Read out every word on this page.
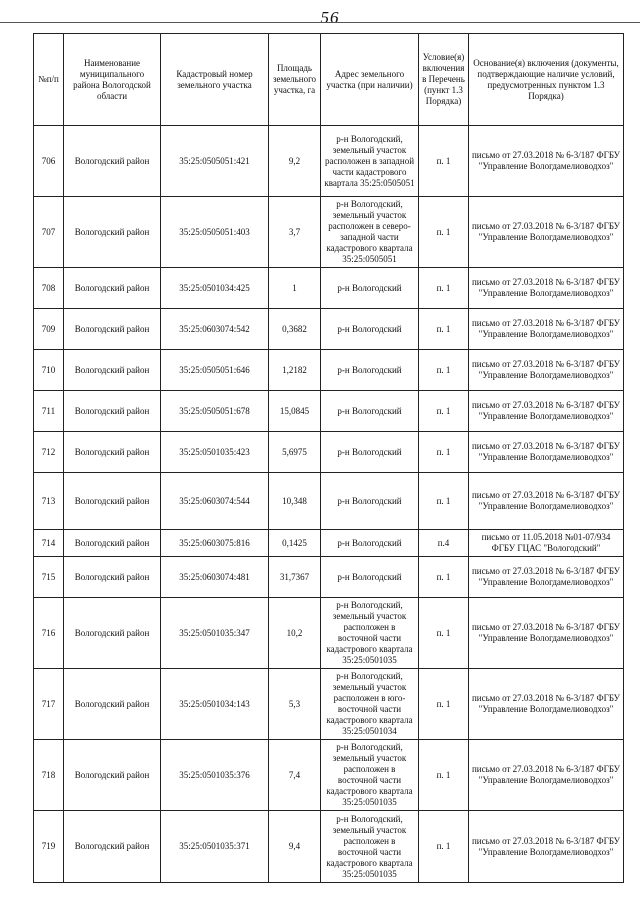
56
№п/п	Наименование муниципального района Вологодской области	Кадастровый номер земельного участка	Площадь земельного участка, га	Адрес земельного участка (при наличии)	Условие(я) включения в Перечень (пункт 1.3 Порядка)	Основание(я) включения (документы, подтверждающие наличие условий, предусмотренных пунктом 1.3 Порядка)
706	Вологодский район	35:25:0505051:421	9,2	р-н Вологодский, земельный участок расположен в западной части кадастрового квартала 35:25:0505051	п. 1	письмо от 27.03.2018 № 6-3/187 ФГБУ "Управление Вологдамелиоводхоз"
707	Вологодский район	35:25:0505051:403	3,7	р-н Вологодский, земельный участок расположен в северо-западной части кадастрового квартала 35:25:0505051	п. 1	письмо от 27.03.2018 № 6-3/187 ФГБУ "Управление Вологдамелиоводхоз"
708	Вологодский район	35:25:0501034:425	1	р-н Вологодский	п. 1	письмо от 27.03.2018 № 6-3/187 ФГБУ "Управление Вологдамелиоводхоз"
709	Вологодский район	35:25:0603074:542	0,3682	р-н Вологодский	п. 1	письмо от 27.03.2018 № 6-3/187 ФГБУ "Управление Вологдамелиоводхоз"
710	Вологодский район	35:25:0505051:646	1,2182	р-н Вологодский	п. 1	письмо от 27.03.2018 № 6-3/187 ФГБУ "Управление Вологдамелиоводхоз"
711	Вологодский район	35:25:0505051:678	15,0845	р-н Вологодский	п. 1	письмо от 27.03.2018 № 6-3/187 ФГБУ "Управление Вологдамелиоводхоз"
712	Вологодский район	35:25:0501035:423	5,6975	р-н Вологодский	п. 1	письмо от 27.03.2018 № 6-3/187 ФГБУ "Управление Вологдамелиоводхоз"
713	Вологодский район	35:25:0603074:544	10,348	р-н Вологодский	п. 1	письмо от 27.03.2018 № 6-3/187 ФГБУ "Управление Вологдамелиоводхоз"
714	Вологодский район	35:25:0603075:816	0,1425	р-н Вологодский	п.4	письмо от 11.05.2018 №01-07/934 ФГБУ ГЦАС "Вологодский"
715	Вологодский район	35:25:0603074:481	31,7367	р-н Вологодский	п. 1	письмо от 27.03.2018 № 6-3/187 ФГБУ "Управление Вологдамелиоводхоз"
716	Вологодский район	35:25:0501035:347	10,2	р-н Вологодский, земельный участок расположен в восточной части кадастрового квартала 35:25:0501035	п. 1	письмо от 27.03.2018 № 6-3/187 ФГБУ "Управление Вологдамелиоводхоз"
717	Вологодский район	35:25:0501034:143	5,3	р-н Вологодский, земельный участок расположен в юго-восточной части кадастрового квартала 35:25:0501034	п. 1	письмо от 27.03.2018 № 6-3/187 ФГБУ "Управление Вологдамелиоводхоз"
718	Вологодский район	35:25:0501035:376	7,4	р-н Вологодский, земельный участок расположен в восточной части кадастрового квартала 35:25:0501035	п. 1	письмо от 27.03.2018 № 6-3/187 ФГБУ "Управление Вологдамелиоводхоз"
719	Вологодский район	35:25:0501035:371	9,4	р-н Вологодский, земельный участок расположен в восточной части кадастрового квартала 35:25:0501035	п. 1	письмо от 27.03.2018 № 6-3/187 ФГБУ "Управление Вологдамелиоводхоз"
